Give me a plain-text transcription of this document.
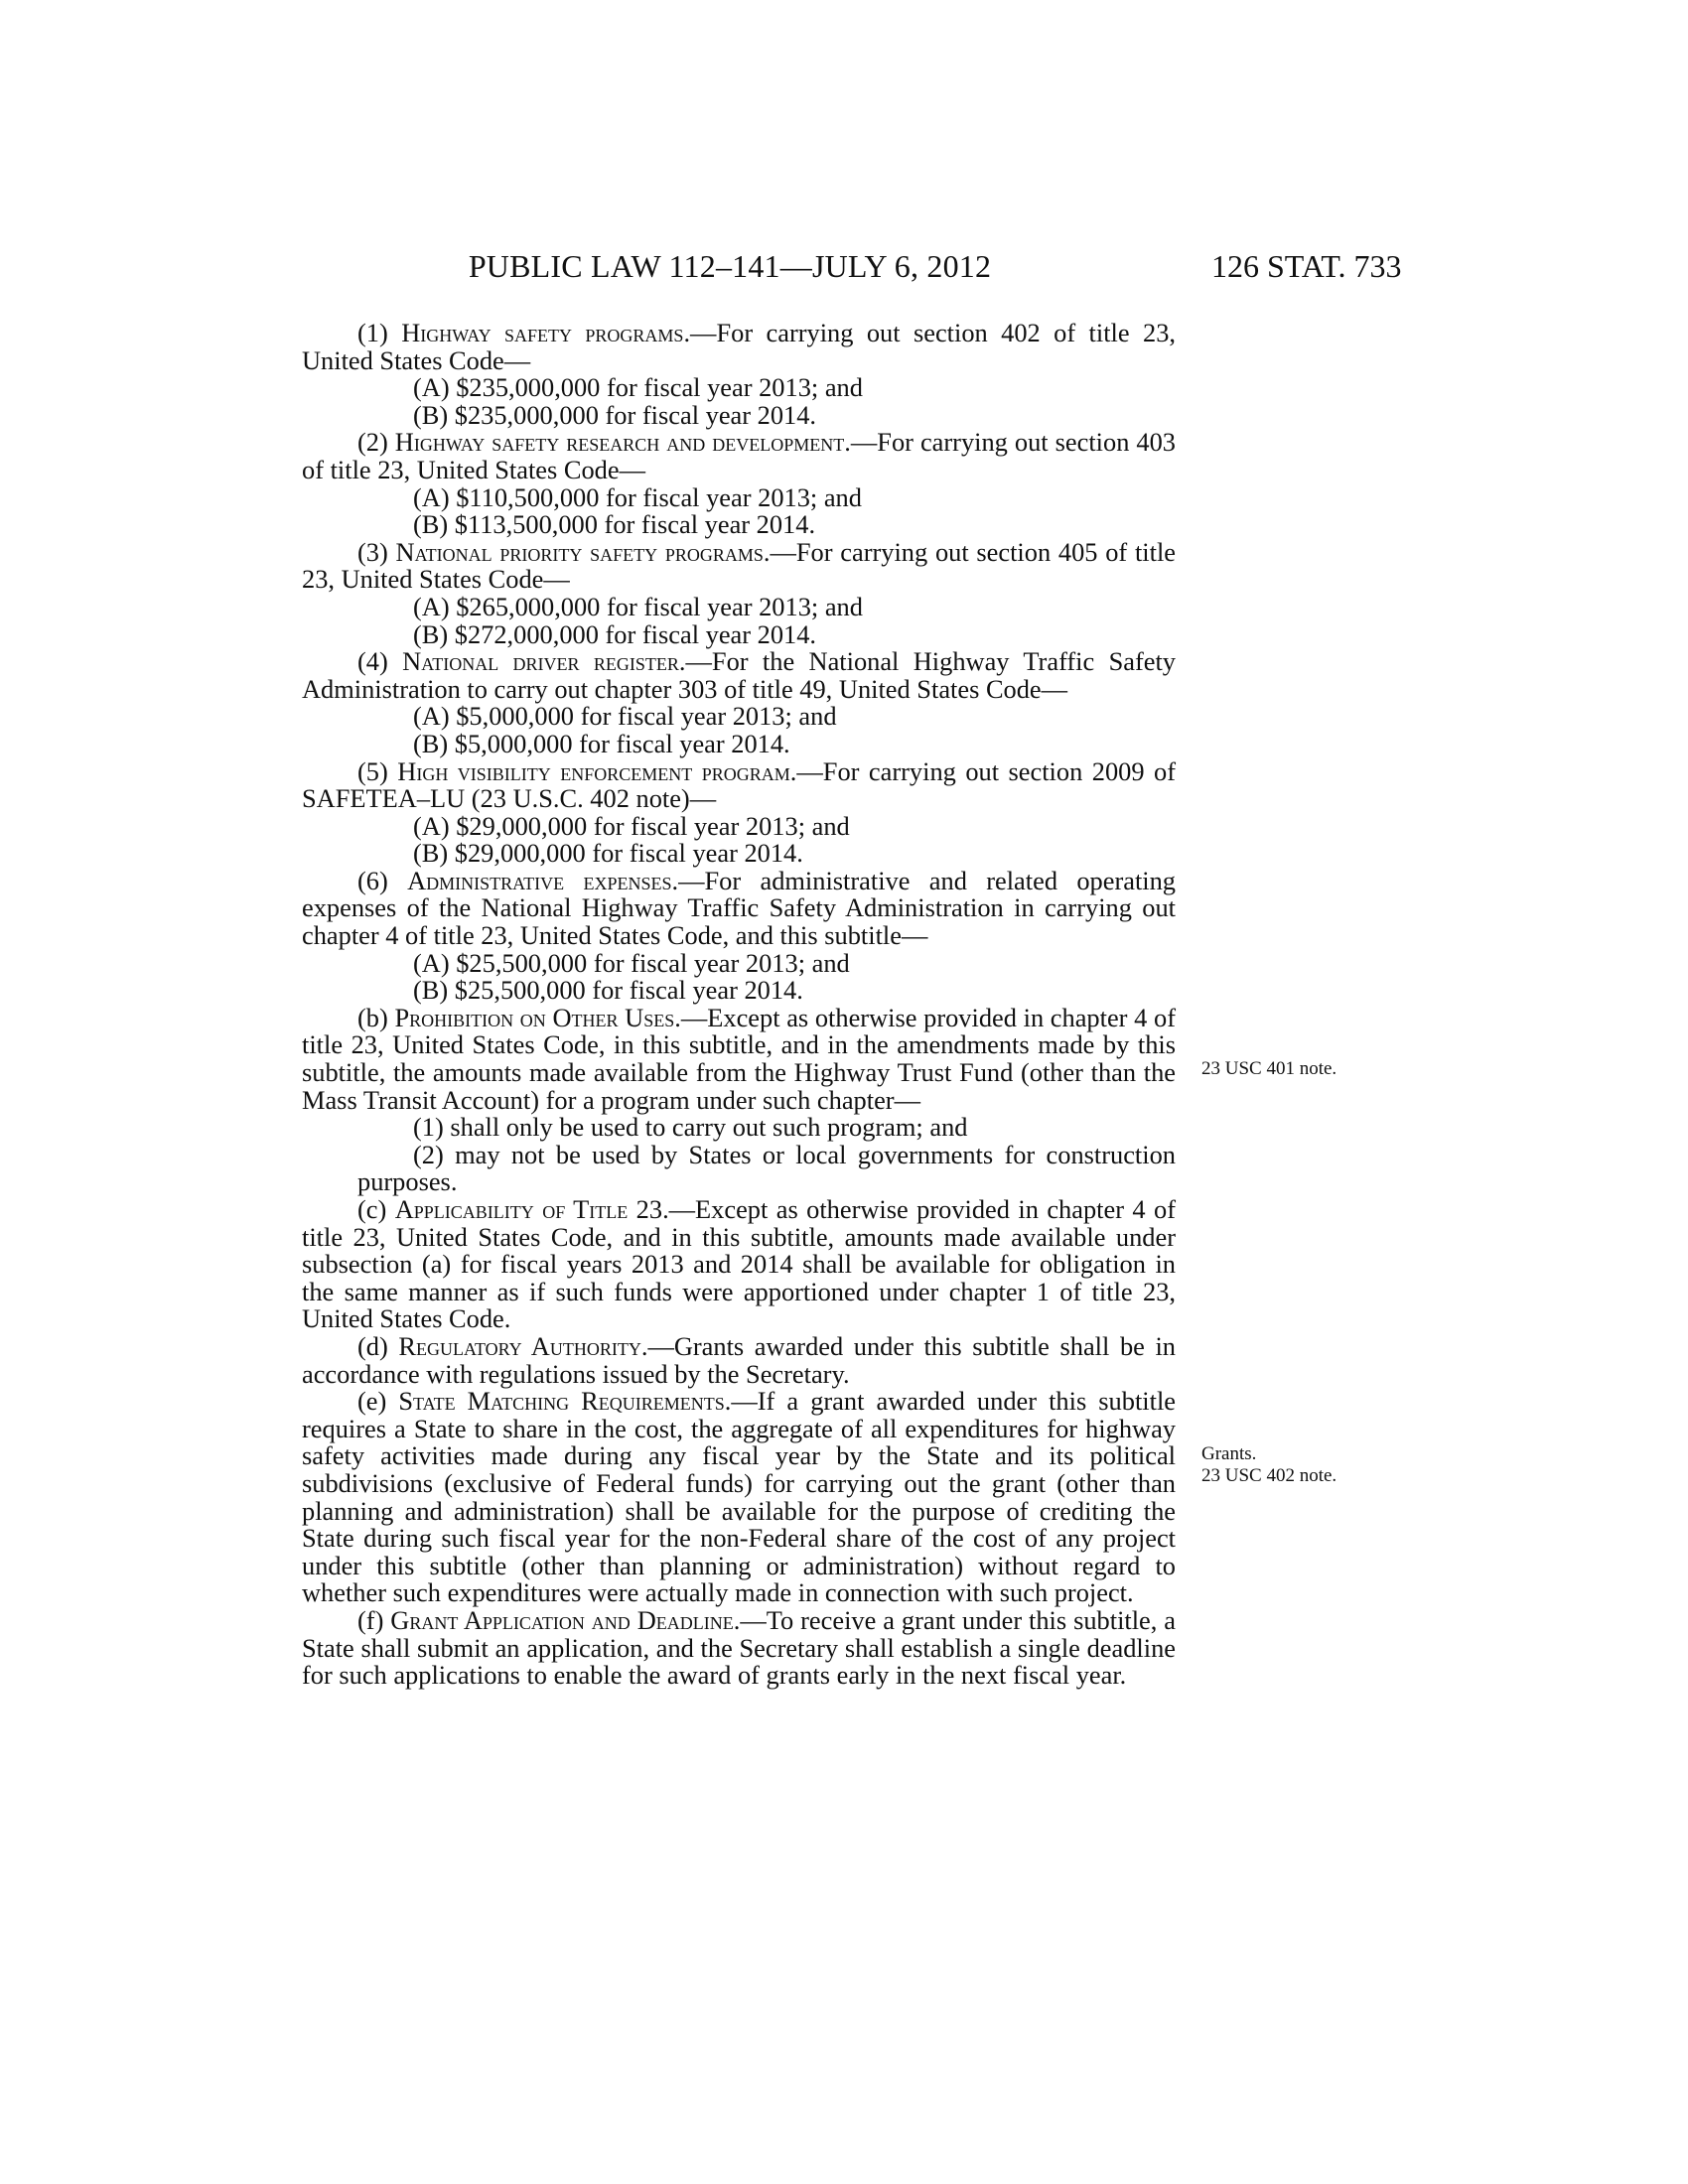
PUBLIC LAW 112–141—JULY 6, 2012	126 STAT. 733

(1) Highway safety programs.—For carrying out section 402 of title 23, United States Code—

(A) $235,000,000 for fiscal year 2013; and

(B) $235,000,000 for fiscal year 2014.

(2) Highway safety research and development.—For carrying out section 403 of title 23, United States Code—

(A) $110,500,000 for fiscal year 2013; and

(B) $113,500,000 for fiscal year 2014.

(3) National priority safety programs.—For carrying out section 405 of title 23, United States Code—

(A) $265,000,000 for fiscal year 2013; and

(B) $272,000,000 for fiscal year 2014.

(4) National driver register.—For the National Highway Traffic Safety Administration to carry out chapter 303 of title 49, United States Code—

(A) $5,000,000 for fiscal year 2013; and

(B) $5,000,000 for fiscal year 2014.

(5) High visibility enforcement program.—For carrying out section 2009 of SAFETEA–LU (23 U.S.C. 402 note)—

(A) $29,000,000 for fiscal year 2013; and

(B) $29,000,000 for fiscal year 2014.

(6) Administrative expenses.—For administrative and related operating expenses of the National Highway Traffic Safety Administration in carrying out chapter 4 of title 23, United States Code, and this subtitle—

(A) $25,500,000 for fiscal year 2013; and

(B) $25,500,000 for fiscal year 2014.

(b) Prohibition on Other Uses.—Except as otherwise provided in chapter 4 of title 23, United States Code, in this subtitle, and in the amendments made by this subtitle, the amounts made available from the Highway Trust Fund (other than the Mass Transit Account) for a program under such chapter—

(1) shall only be used to carry out such program; and

(2) may not be used by States or local governments for construction purposes.

(c) Applicability of Title 23.—Except as otherwise provided in chapter 4 of title 23, United States Code, and in this subtitle, amounts made available under subsection (a) for fiscal years 2013 and 2014 shall be available for obligation in the same manner as if such funds were apportioned under chapter 1 of title 23, United States Code.

(d) Regulatory Authority.—Grants awarded under this subtitle shall be in accordance with regulations issued by the Secretary.

(e) State Matching Requirements.—If a grant awarded under this subtitle requires a State to share in the cost, the aggregate of all expenditures for highway safety activities made during any fiscal year by the State and its political subdivisions (exclusive of Federal funds) for carrying out the grant (other than planning and administration) shall be available for the purpose of crediting the State during such fiscal year for the non-Federal share of the cost of any project under this subtitle (other than planning or administration) without regard to whether such expenditures were actually made in connection with such project.

(f) Grant Application and Deadline.—To receive a grant under this subtitle, a State shall submit an application, and the Secretary shall establish a single deadline for such applications to enable the award of grants early in the next fiscal year.

23 USC 401 note.
Grants.
23 USC 402 note.
